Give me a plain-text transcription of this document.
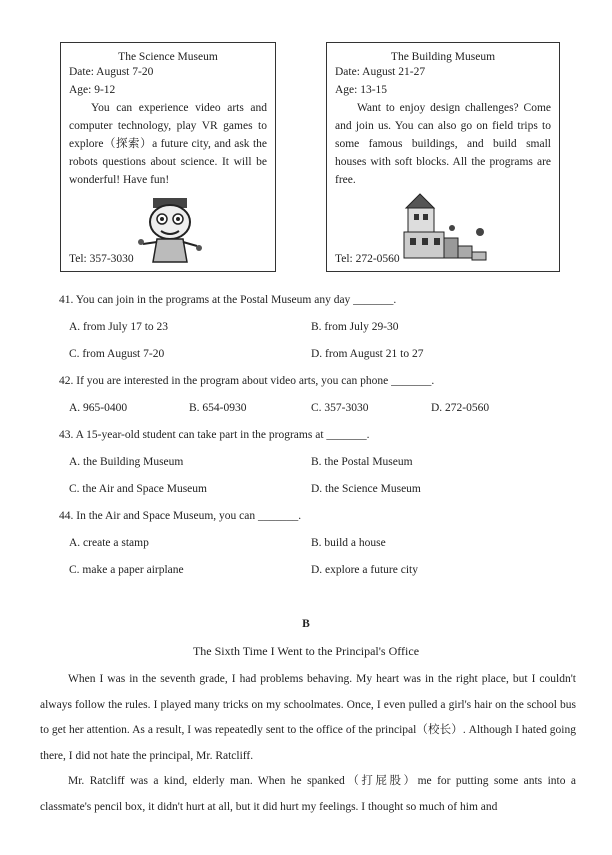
The Science Museum
Date: August 7-20
Age: 9-12
You can experience video arts and computer technology, play VR games to explore（探索）a future city, and ask the robots questions about science. It will be wonderful! Have fun!
Tel: 357-3030
The Building Museum
Date: August 21-27
Age: 13-15
Want to enjoy design challenges? Come and join us. You can also go on field trips to some famous buildings, and build small houses with soft blocks. All the programs are free.
Tel: 272-0560
41. You can join in the programs at the Postal Museum any day _______.
A. from July 17 to 23	B. from July 29-30
C. from August 7-20	D. from August 21 to 27
42. If you are interested in the program about video arts, you can phone _______.
A. 965-0400	B. 654-0930	C. 357-3030	D. 272-0560
43. A 15-year-old student can take part in the programs at _______.
A. the Building Museum	B. the Postal Museum
C. the Air and Space Museum	D. the Science Museum
44. In the Air and Space Museum, you can _______.
A. create a stamp	B. build a house
C. make a paper airplane	D. explore a future city
B
The Sixth Time I Went to the Principal's Office

When I was in the seventh grade, I had problems behaving. My heart was in the right place, but I couldn't always follow the rules. I played many tricks on my schoolmates. Once, I even pulled a girl's hair on the school bus to get her attention. As a result, I was repeatedly sent to the office of the principal（校长）. Although I hated going there, I did not hate the principal, Mr. Ratcliff.

Mr. Ratcliff was a kind, elderly man. When he spanked（打屁股）me for putting some ants into a classmate's pencil box, it didn't hurt at all, but it did hurt my feelings. I thought so much of him and
